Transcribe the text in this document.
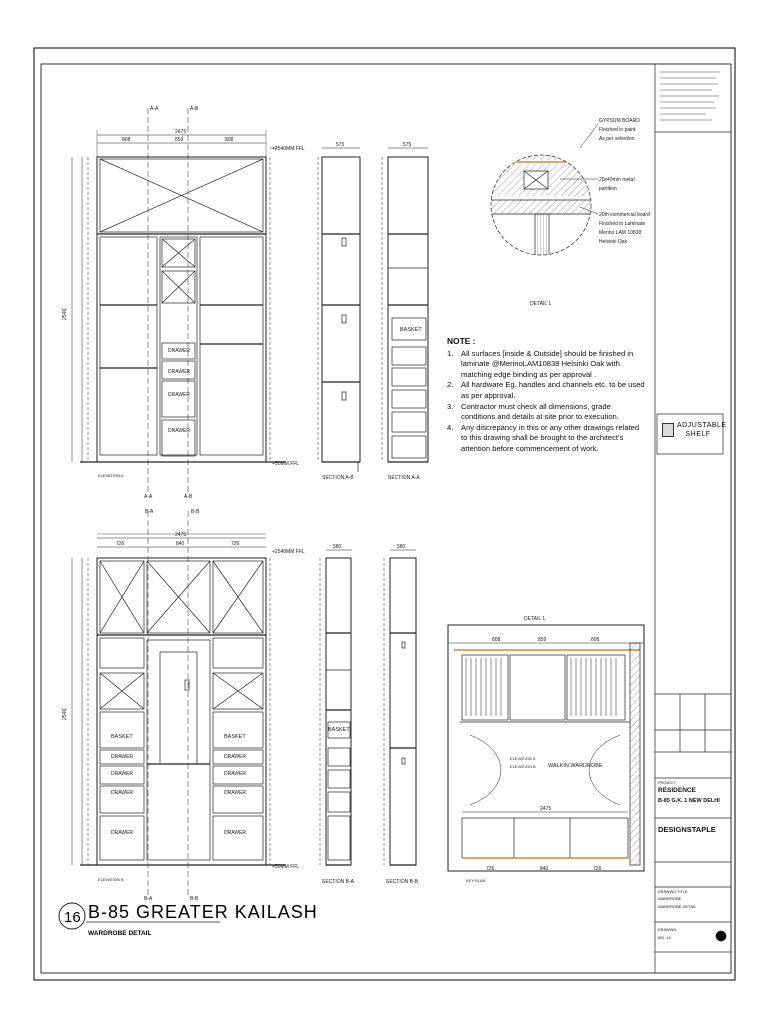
A-A	A-B
2475
808	859	808
+2540MM FFL
+50MM FFL
2540
DRAWER
DRAWER
DRAWER
DRAWER
ELEVATION A
A-A	A-B
575
SECTION A-B
575
BASKET
SECTION A-A
GYPSUM BOARD
Finished in paint
As per selection
20x40mm metal
partition
20th commercial board
Finished in Laminate
Merino LAM 10838
Helsinki Oak
DETAIL 1
B-A	B-B
2475
726	840	726
+2540MM FFL
+50MM FFL
2540
BASKET	BASKET
DRAWER
DRAWER
DRAWER
DRAWER
DRAWER
DRAWER
DRAWER
DRAWER
ELEVATION B
B-A	B-B
580
BASKET
SECTION B-A
580
SECTION B-B
DETAIL 1
808	859	808
WALKIN WARDROBE
ELEVATION A
ELEVATION B
2475
726	840	726
KEY PLAN
16 B-85 GREATER KAILASH
WARDROBE DETAIL
PROJECT
RESIDENCE
B-85 G.K. 1 NEW DELHI
DESIGNSTAPLE
DRAWING TITLE
WARDROBE
WARDROBE DETAIL
DRAWING
NO. 16
NOTE :
1.	All surfaces [inside & Outside] should be finished in laminate @MerinoLAM10838 Helsinki Oak with matching edge binding as per approval .
2.	All hardware Eg. handles and channels etc. to be used as per approval.
3.	Contractor must check all dimensions, grade conditions and details at site prior to execution.
4.	Any discrepancy in this or any other drawings related to this drawing shall be brought to the architect's attention before commencement of work.
ADJUSTABLE SHELF
